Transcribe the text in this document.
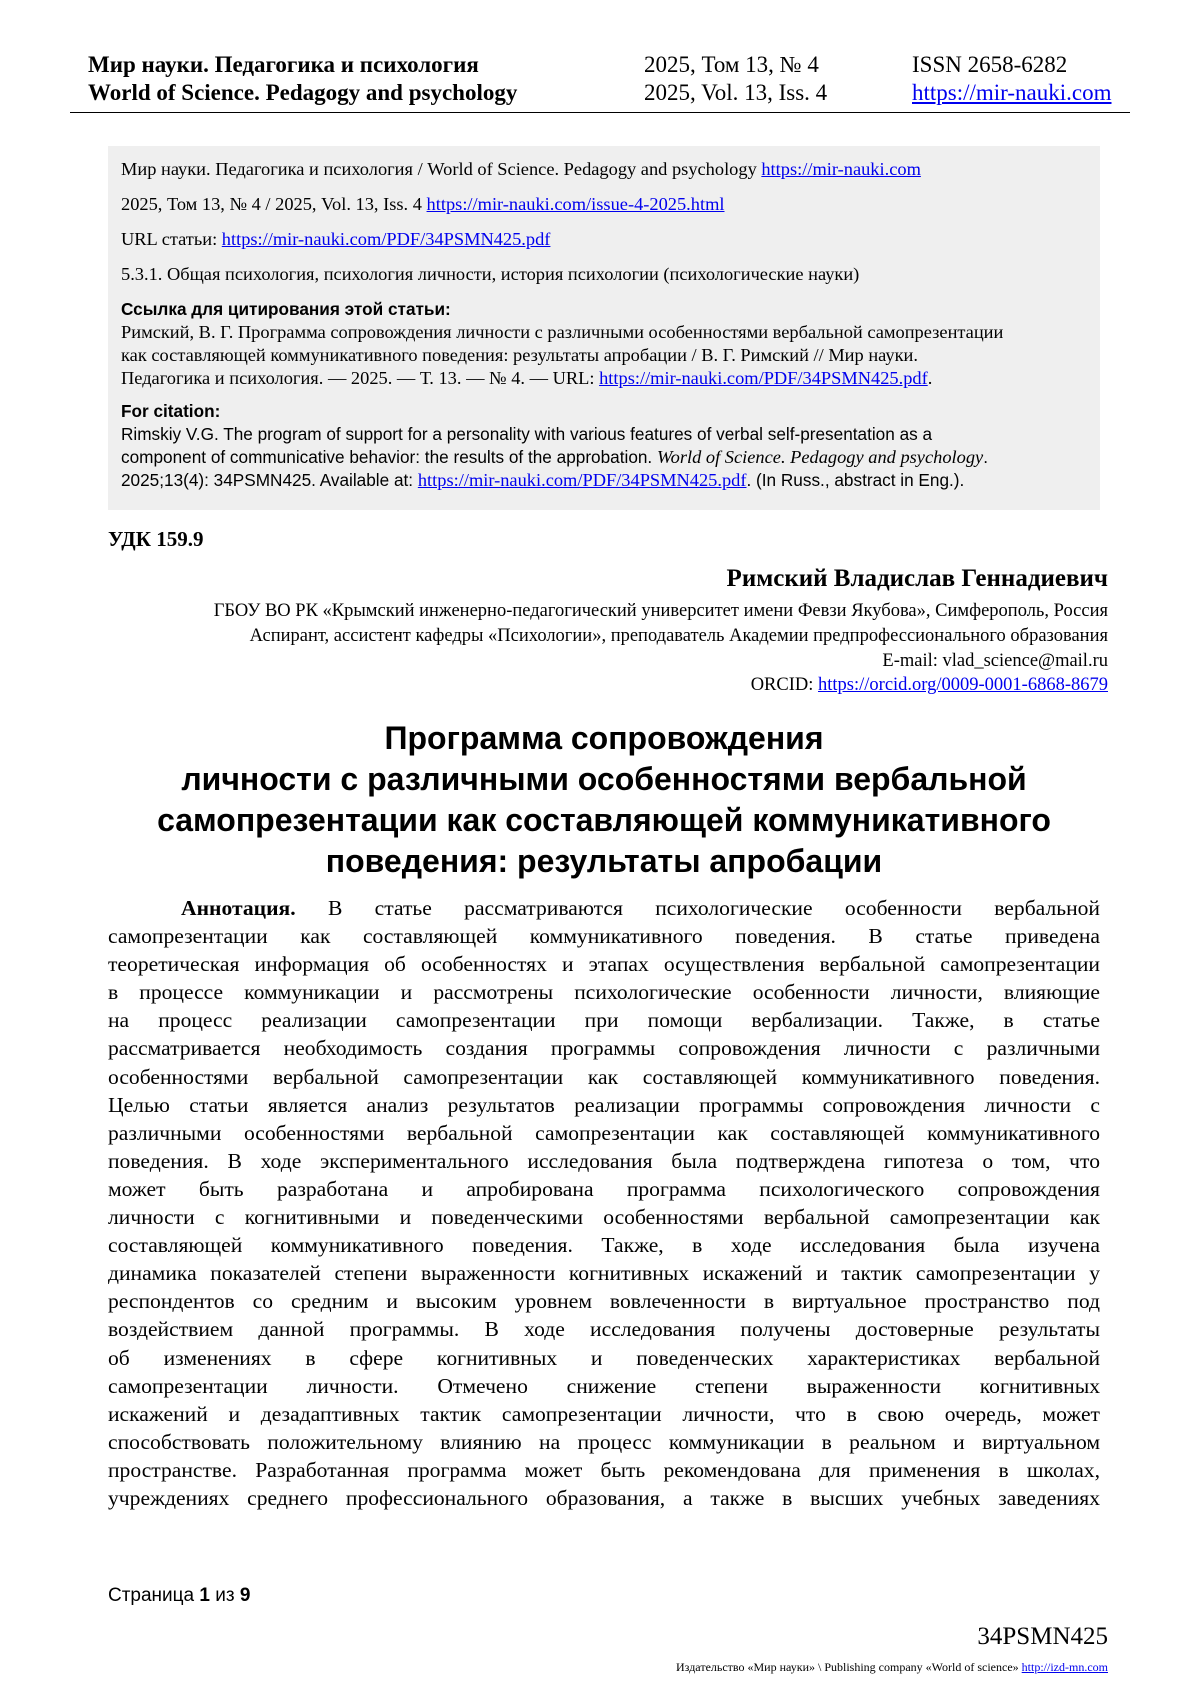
Мир науки. Педагогика и психология
World of Science. Pedagogy and psychology
2025, Том 13, № 4
2025, Vol. 13, Iss. 4
ISSN 2658-6282
https://mir-nauki.com

Мир науки. Педагогика и психология / World of Science. Pedagogy and psychology https://mir-nauki.com

2025, Том 13, № 4 / 2025, Vol. 13, Iss. 4 https://mir-nauki.com/issue-4-2025.html

URL статьи: https://mir-nauki.com/PDF/34PSMN425.pdf

5.3.1. Общая психология, психология личности, история психологии (психологические науки)

Ссылка для цитирования этой статьи:
Римский, В. Г. Программа сопровождения личности с различными особенностями вербальной самопрезентации
как составляющей коммуникативного поведения: результаты апробации / В. Г. Римский // Мир науки.
Педагогика и психология. — 2025. — Т. 13. — № 4. — URL: https://mir-nauki.com/PDF/34PSMN425.pdf.
For citation:
Rimskiy V.G. The program of support for a personality with various features of verbal self-presentation as a
component of communicative behavior: the results of the approbation. World of Science. Pedagogy and psychology.
2025;13(4): 34PSMN425. Available at: https://mir-nauki.com/PDF/34PSMN425.pdf. (In Russ., abstract in Eng.).
УДК 159.9
Римский Владислав Геннадиевич
ГБОУ ВО РК «Крымский инженерно-педагогический университет имени Февзи Якубова», Симферополь, Россия
Аспирант, ассистент кафедры «Психологии», преподаватель Академии предпрофессионального образования
E-mail: vlad_science@mail.ru
ORCID: https://orcid.org/0009-0001-6868-8679
Программа сопровождения
личности с различными особенностями вербальной
самопрезентации как составляющей коммуникативного
поведения: результаты апробации
Аннотация. В статье рассматриваются психологические особенности вербальной
самопрезентации как составляющей коммуникативного поведения. В статье приведена
теоретическая информация об особенностях и этапах осуществления вербальной самопрезентации
в процессе коммуникации и рассмотрены психологические особенности личности, влияющие
на процесс реализации самопрезентации при помощи вербализации. Также, в статье
рассматривается необходимость создания программы сопровождения личности с различными
особенностями вербальной самопрезентации как составляющей коммуникативного поведения.
Целью статьи является анализ результатов реализации программы сопровождения личности с
различными особенностями вербальной самопрезентации как составляющей коммуникативного
поведения. В ходе экспериментального исследования была подтверждена гипотеза о том, что
может быть разработана и апробирована программа психологического сопровождения
личности с когнитивными и поведенческими особенностями вербальной самопрезентации как
составляющей коммуникативного поведения. Также, в ходе исследования была изучена
динамика показателей степени выраженности когнитивных искажений и тактик самопрезентации у
респондентов со средним и высоким уровнем вовлеченности в виртуальное пространство под
воздействием данной программы. В ходе исследования получены достоверные результаты
об изменениях в сфере когнитивных и поведенческих характеристиках вербальной
самопрезентации личности. Отмечено снижение степени выраженности когнитивных
искажений и дезадаптивных тактик самопрезентации личности, что в свою очередь, может
способствовать положительному влиянию на процесс коммуникации в реальном и виртуальном
пространстве. Разработанная программа может быть рекомендована для применения в школах,
учреждениях среднего профессионального образования, а также в высших учебных заведениях
Страница 1 из 9
34PSMN425
Издательство «Мир науки» \ Publishing company «World of science» http://izd-mn.com
